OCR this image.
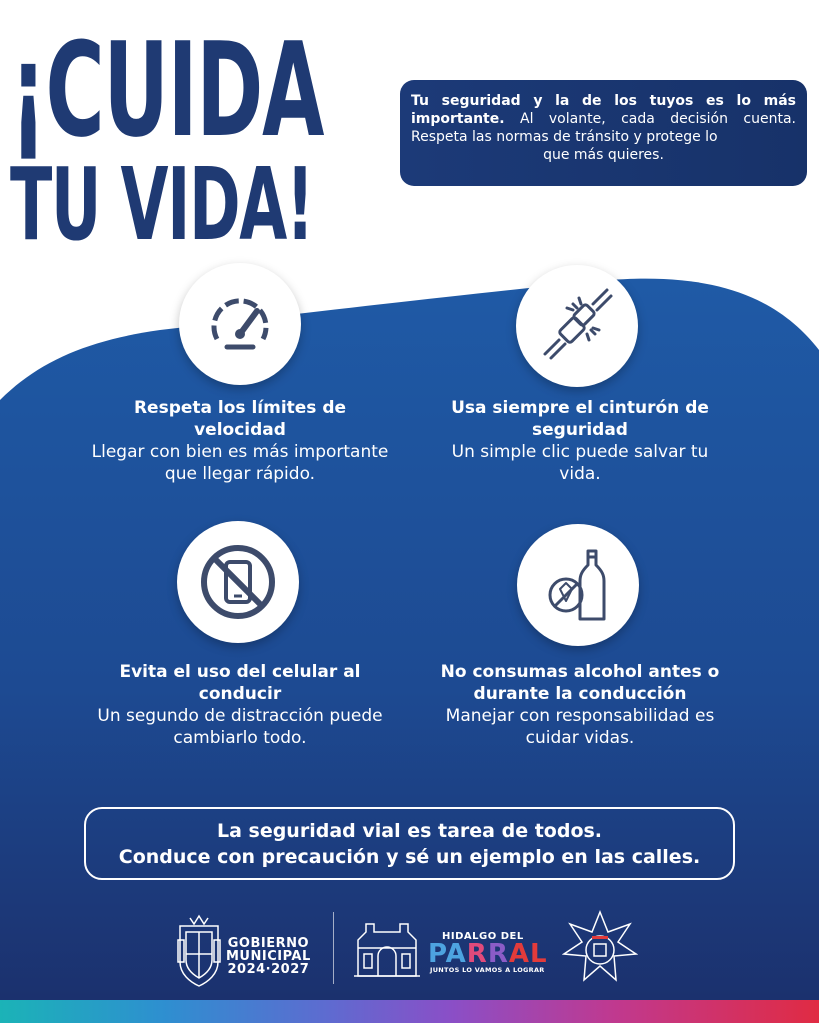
¡CUIDA
TU VIDA!
Tu seguridad y la de los tuyos es lo más importante. Al volante, cada decisión cuenta. Respeta las normas de tránsito y protege lo
que más quieres.
Respeta los límites de velocidad
Llegar con bien es más importante que llegar rápido.
Usa siempre el cinturón de seguridad
Un simple clic puede salvar tu vida.
Evita el uso del celular al conducir
Un segundo de distracción puede cambiarlo todo.
No consumas alcohol antes o durante la conducción
Manejar con responsabilidad es cuidar vidas.
La seguridad vial es tarea de todos.
Conduce con precaución y sé un ejemplo en las calles.
GOBIERNO
MUNICIPAL
2024·2027
HIDALGO DEL
PARRAL
JUNTOS LO VAMOS A LOGRAR
